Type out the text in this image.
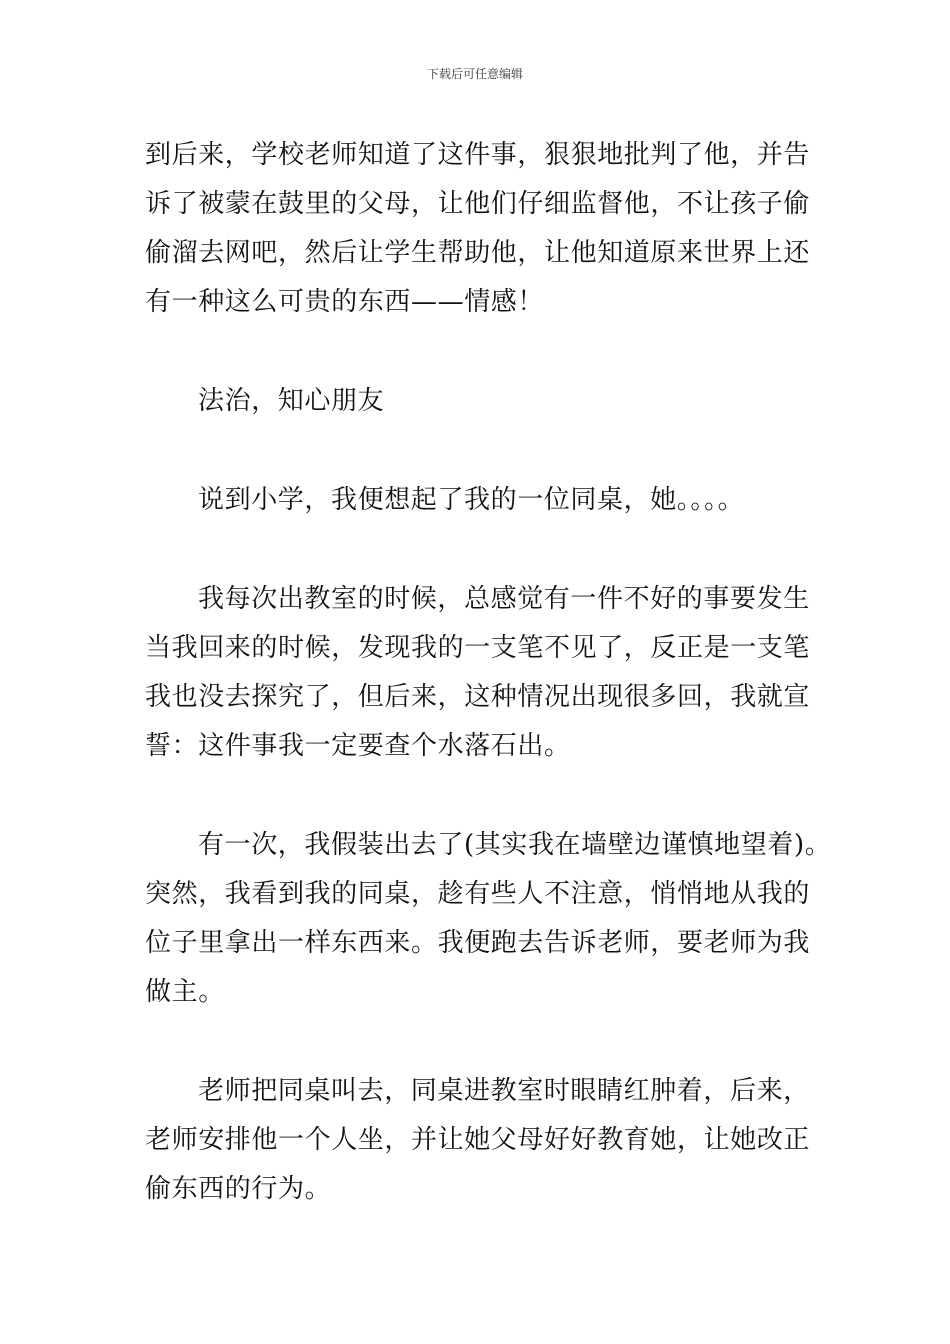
下载后可任意编辑
到后来，学校老师知道了这件事，狠狠地批判了他，并告
诉了被蒙在鼓里的父母，让他们仔细监督他，不让孩子偷
偷溜去网吧，然后让学生帮助他，让他知道原来世界上还
有一种这么可贵的东西——情感！
法治，知心朋友
说到小学，我便想起了我的一位同桌，她。。。。
我每次出教室的时候，总感觉有一件不好的事要发生
当我回来的时候，发现我的一支笔不见了，反正是一支笔
我也没去探究了，但后来，这种情况出现很多回，我就宣
誓：这件事我一定要查个水落石出。
有一次，我假装出去了(其实我在墙壁边谨慎地望着)。
突然，我看到我的同桌，趁有些人不注意，悄悄地从我的
位子里拿出一样东西来。我便跑去告诉老师，要老师为我
做主。
老师把同桌叫去，同桌进教室时眼睛红肿着，后来，
老师安排他一个人坐，并让她父母好好教育她，让她改正
偷东西的行为。
